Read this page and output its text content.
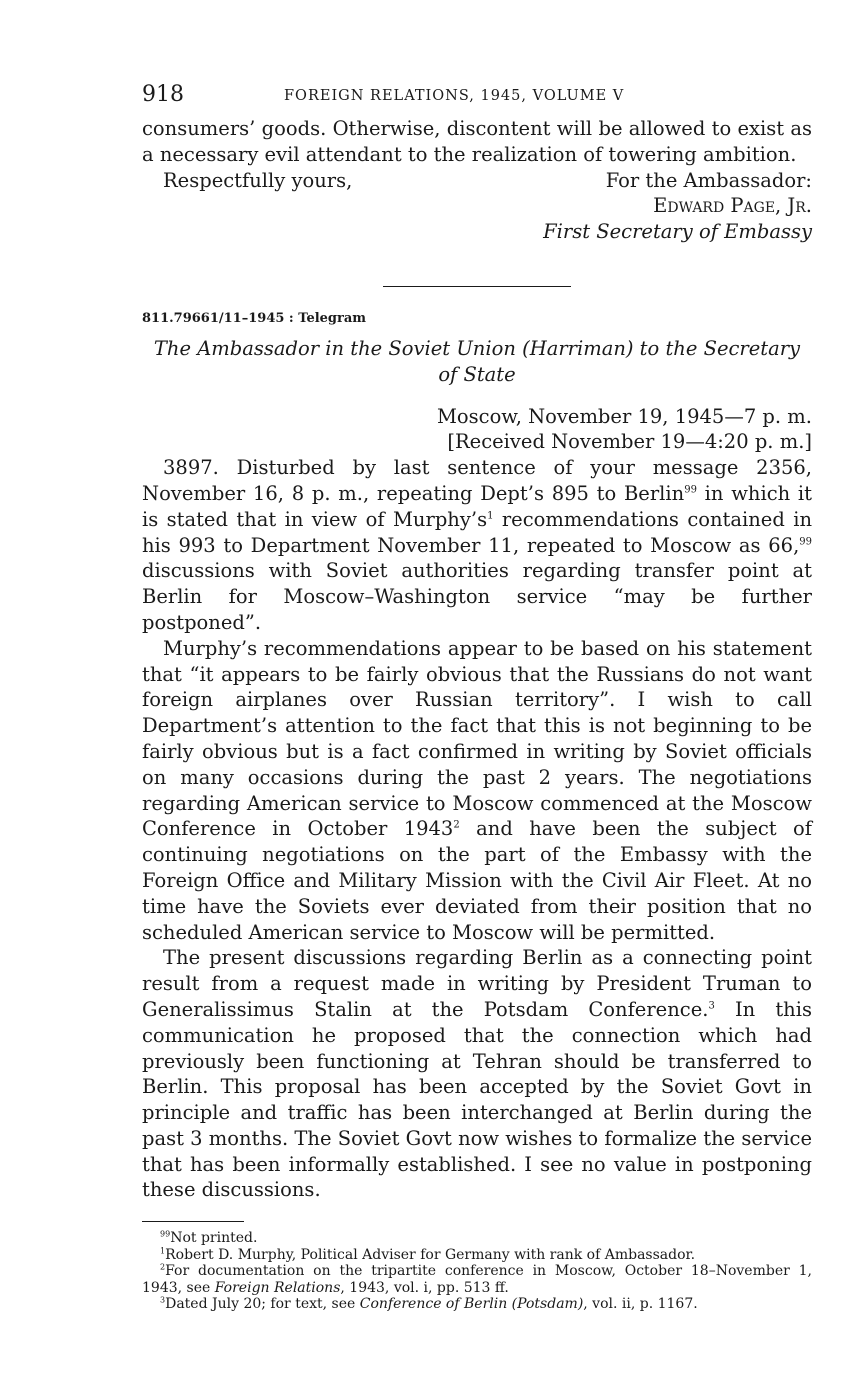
918	FOREIGN RELATIONS, 1945, VOLUME V

consumers’ goods. Otherwise, discontent will be allowed to exist as a necessary evil attendant to the realization of towering ambition.

Respectfully yours,	For the Ambassador:
Edward Page, Jr.
First Secretary of Embassy

811.79661/11–1945 : Telegram

The Ambassador in the Soviet Union (Harriman) to the Secretary of State

Moscow, November 19, 1945—7 p. m.
[Received November 19—4:20 p. m.]

3897. Disturbed by last sentence of your message 2356, November 16, 8 p. m., repeating Dept’s 895 to Berlin$^{99}$ in which it is stated that in view of $Murphy’s^1$ recommendations contained in his 993 to Department November 11, repeated to Moscow as 66,99 discussions with Soviet authorities regarding transfer point at Berlin for Moscow–Washington service “may be further postponed”.

Murphy’s recommendations appear to be based on his statement that “it appears to be fairly obvious that the Russians do not want foreign airplanes over Russian territory”. I wish to call Department’s attention to the fact that this is not beginning to be fairly obvious but is a fact confirmed in writing by Soviet officials on many occasions during the past 2 years. The negotiations regarding American service to Moscow commenced at the Moscow Conference in October 1943$^2$ and have been the subject of continuing negotiations on the part of the Embassy with the Foreign Office and Military Mission with the Civil Air Fleet. At no time have the Soviets ever deviated from their position that no scheduled American service to Moscow will be permitted.

The present discussions regarding Berlin as a connecting point result from a request made in writing by President Truman to Generalissimus Stalin at the Potsdam Conference.$^3$ In this communication he proposed that the connection which had previously been functioning at Tehran should be transferred to Berlin. This proposal has been accepted by the Soviet Govt in principle and traffic has been interchanged at Berlin during the past 3 months. The Soviet Govt now wishes to formalize the service that has been informally established. I see no value in postponing these discussions.

$^{99}$Not printed.

$^1$Robert D. Murphy, Political Adviser for Germany with rank of Ambassador.

$^2$For documentation on the tripartite conference in Moscow, October 18–November 1, 1943, see Foreign Relations, 1943, vol. i, pp. 513 ff.

$^3$Dated July 20; for text, see Conference of Berlin (Potsdam), vol. ii, p. 1167.
